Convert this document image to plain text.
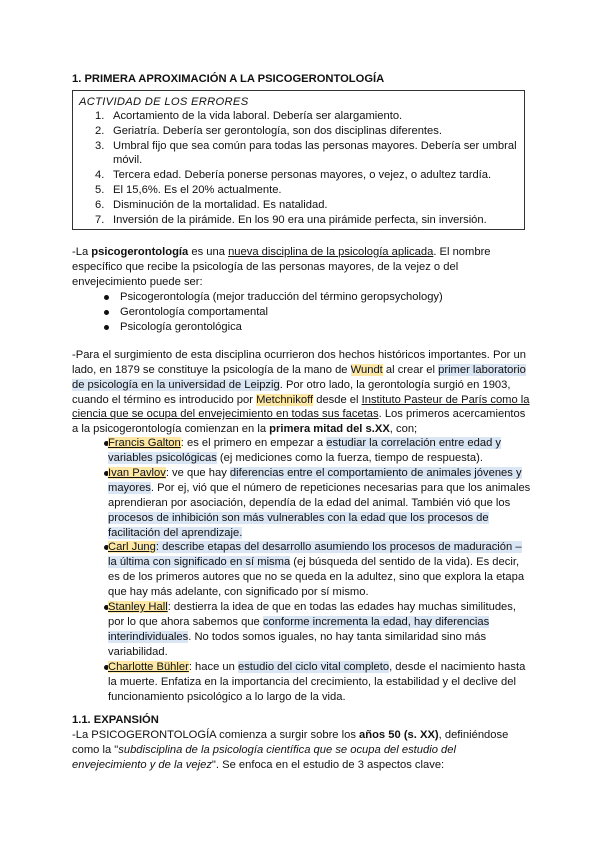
1. PRIMERA APROXIMACIÓN A LA PSICOGERONTOLOGÍA
ACTIVIDAD DE LOS ERRORES
1. Acortamiento de la vida laboral. Debería ser alargamiento.
2. Geriatría. Debería ser gerontología, son dos disciplinas diferentes.
3. Umbral fijo que sea común para todas las personas mayores. Debería ser umbral
móvil.
4. Tercera edad. Debería ponerse personas mayores, o vejez, o adultez tardía.
5. El 15,6%. Es el 20% actualmente.
6. Disminución de la mortalidad. Es natalidad.
7. Inversión de la pirámide. En los 90 era una pirámide perfecta, sin inversión.
-La psicogerontología es una nueva disciplina de la psicología aplicada. El nombre
específico que recibe la psicología de las personas mayores, de la vejez o del
envejecimiento puede ser:
Psicogerontología (mejor traducción del término geropsychology)
Gerontología comportamental
Psicología gerontológica
-Para el surgimiento de esta disciplina ocurrieron dos hechos históricos importantes. Por un
lado, en 1879 se constituye la psicología de la mano de Wundt al crear el primer laboratorio
de psicología en la universidad de Leipzig. Por otro lado, la gerontología surgió en 1903,
cuando el término es introducido por Metchnikoff desde el Instituto Pasteur de París como la
ciencia que se ocupa del envejecimiento en todas sus facetas. Los primeros acercamientos
a la psicogerontología comienzan en la primera mitad del s.XX, con;
Francis Galton: es el primero en empezar a estudiar la correlación entre edad y
variables psicológicas (ej mediciones como la fuerza, tiempo de respuesta).
Ivan Pavlov: ve que hay diferencias entre el comportamiento de animales jóvenes y
mayores. Por ej, vió que el número de repeticiones necesarias para que los animales
aprendieran por asociación, dependía de la edad del animal. También vió que los
procesos de inhibición son más vulnerables con la edad que los procesos de
facilitación del aprendizaje.
Carl Jung: describe etapas del desarrollo asumiendo los procesos de maduración –
la última con significado en sí misma (ej búsqueda del sentido de la vida). Es decir,
es de los primeros autores que no se queda en la adultez, sino que explora la etapa
que hay más adelante, con significado por sí mismo.
Stanley Hall: destierra la idea de que en todas las edades hay muchas similitudes,
por lo que ahora sabemos que conforme incrementa la edad, hay diferencias
interindividuales. No todos somos iguales, no hay tanta similaridad sino más
variabilidad.
Charlotte Bühler: hace un estudio del ciclo vital completo, desde el nacimiento hasta
la muerte. Enfatiza en la importancia del crecimiento, la estabilidad y el declive del
funcionamiento psicológico a lo largo de la vida.
1.1. EXPANSIÓN
-La PSICOGERONTOLOGÍA comienza a surgir sobre los años 50 (s. XX), definiéndose
como la "subdisciplina de la psicología científica que se ocupa del estudio del
envejecimiento y de la vejez". Se enfoca en el estudio de 3 aspectos clave:
